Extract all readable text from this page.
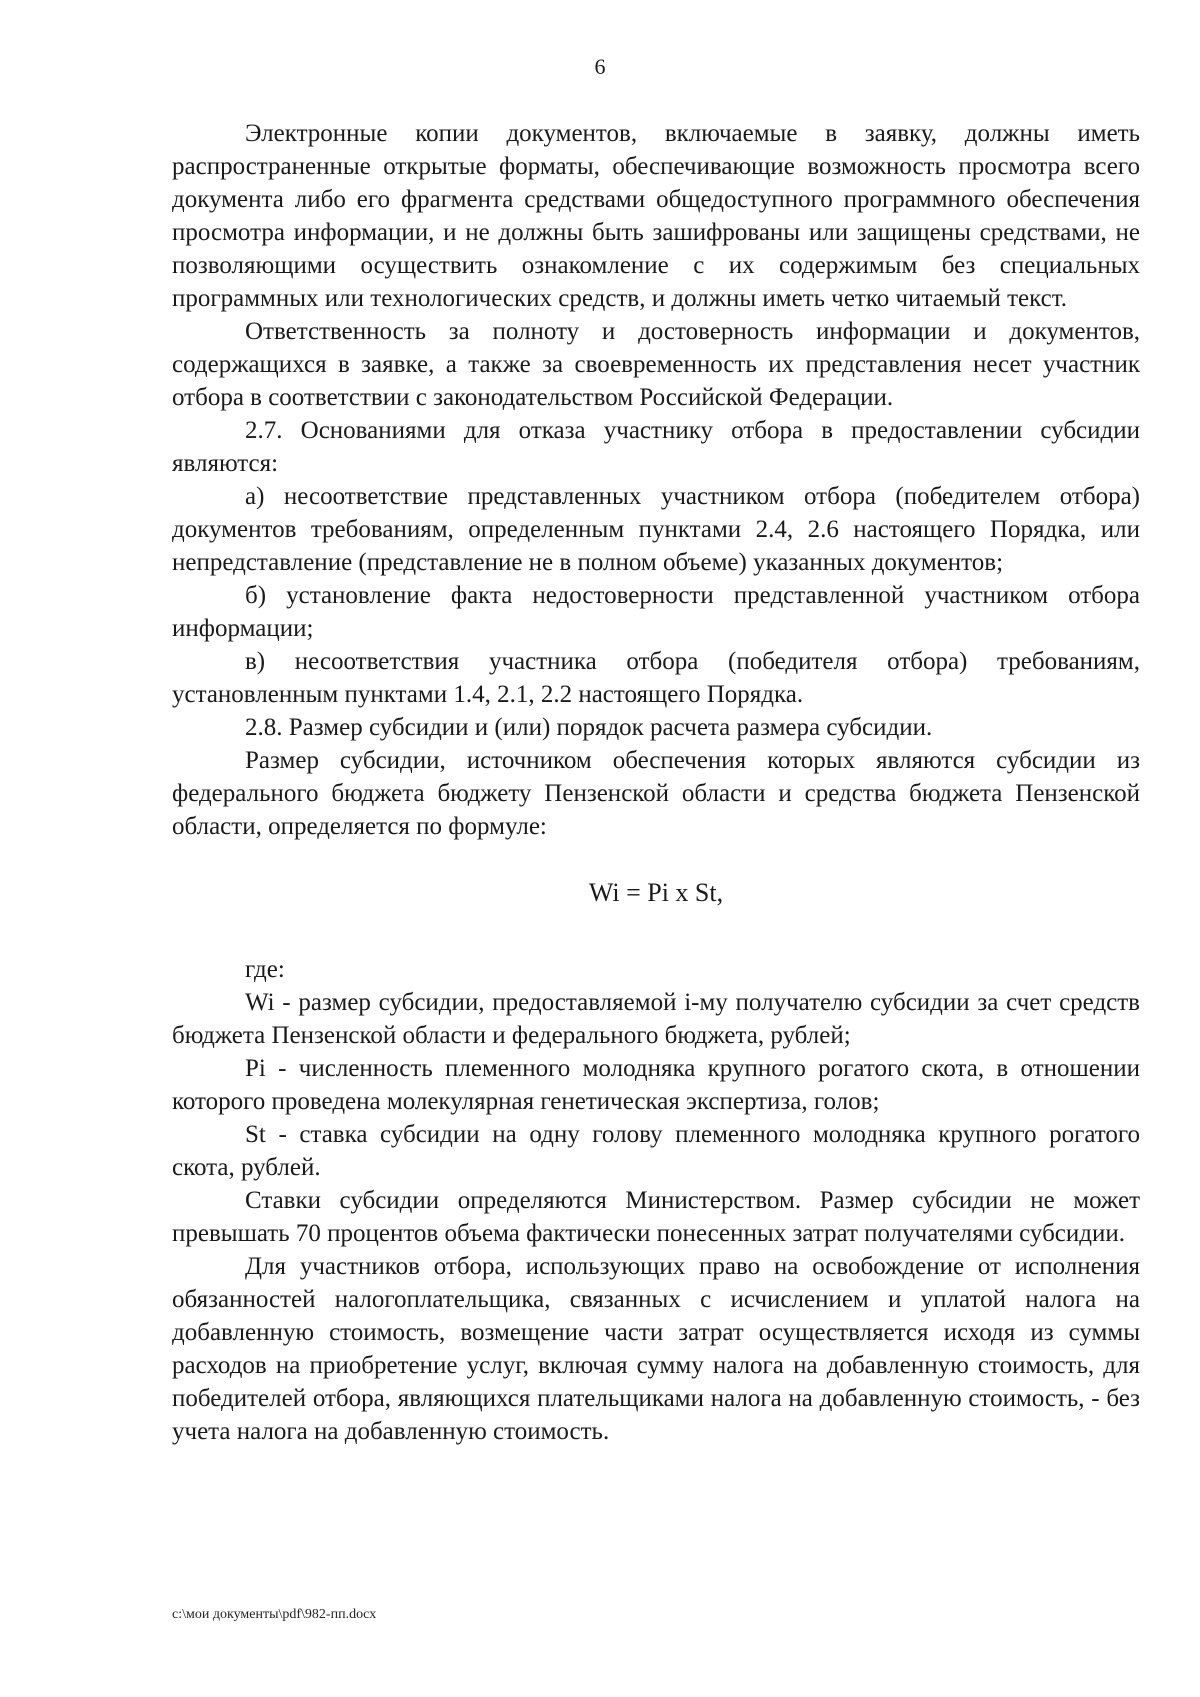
6

Электронные копии документов, включаемые в заявку, должны иметь распространенные открытые форматы, обеспечивающие возможность просмотра всего документа либо его фрагмента средствами общедоступного программного обеспечения просмотра информации, и не должны быть зашифрованы или защищены средствами, не позволяющими осуществить ознакомление с их содержимым без специальных программных или технологических средств, и должны иметь четко читаемый текст.

Ответственность за полноту и достоверность информации и документов, содержащихся в заявке, а также за своевременность их представления несет участник отбора в соответствии с законодательством Российской Федерации.

2.7. Основаниями для отказа участнику отбора в предоставлении субсидии являются:

а) несоответствие представленных участником отбора (победителем отбора) документов требованиям, определенным пунктами 2.4, 2.6 настоящего Порядка, или непредставление (представление не в полном объеме) указанных документов;

б) установление факта недостоверности представленной участником отбора информации;

в) несоответствия участника отбора (победителя отбора) требованиям, установленным пунктами 1.4, 2.1, 2.2 настоящего Порядка.

2.8. Размер субсидии и (или) порядок расчета размера субсидии.

Размер субсидии, источником обеспечения которых являются субсидии из федерального бюджета бюджету Пензенской области и средства бюджета Пензенской области, определяется по формуле:

Wi = Pi x St,

где:

Wi - размер субсидии, предоставляемой i-му получателю субсидии за счет средств бюджета Пензенской области и федерального бюджета, рублей;

Pi - численность племенного молодняка крупного рогатого скота, в отношении которого проведена молекулярная генетическая экспертиза, голов;

St - ставка субсидии на одну голову племенного молодняка крупного рогатого скота, рублей.

Ставки субсидии определяются Министерством. Размер субсидии не может превышать 70 процентов объема фактически понесенных затрат получателями субсидии.

Для участников отбора, использующих право на освобождение от исполнения обязанностей налогоплательщика, связанных с исчислением и уплатой налога на добавленную стоимость, возмещение части затрат осуществляется исходя из суммы расходов на приобретение услуг, включая сумму налога на добавленную стоимость, для победителей отбора, являющихся плательщиками налога на добавленную стоимость, - без учета налога на добавленную стоимость.

c:\мои документы\pdf\982-пп.docx
